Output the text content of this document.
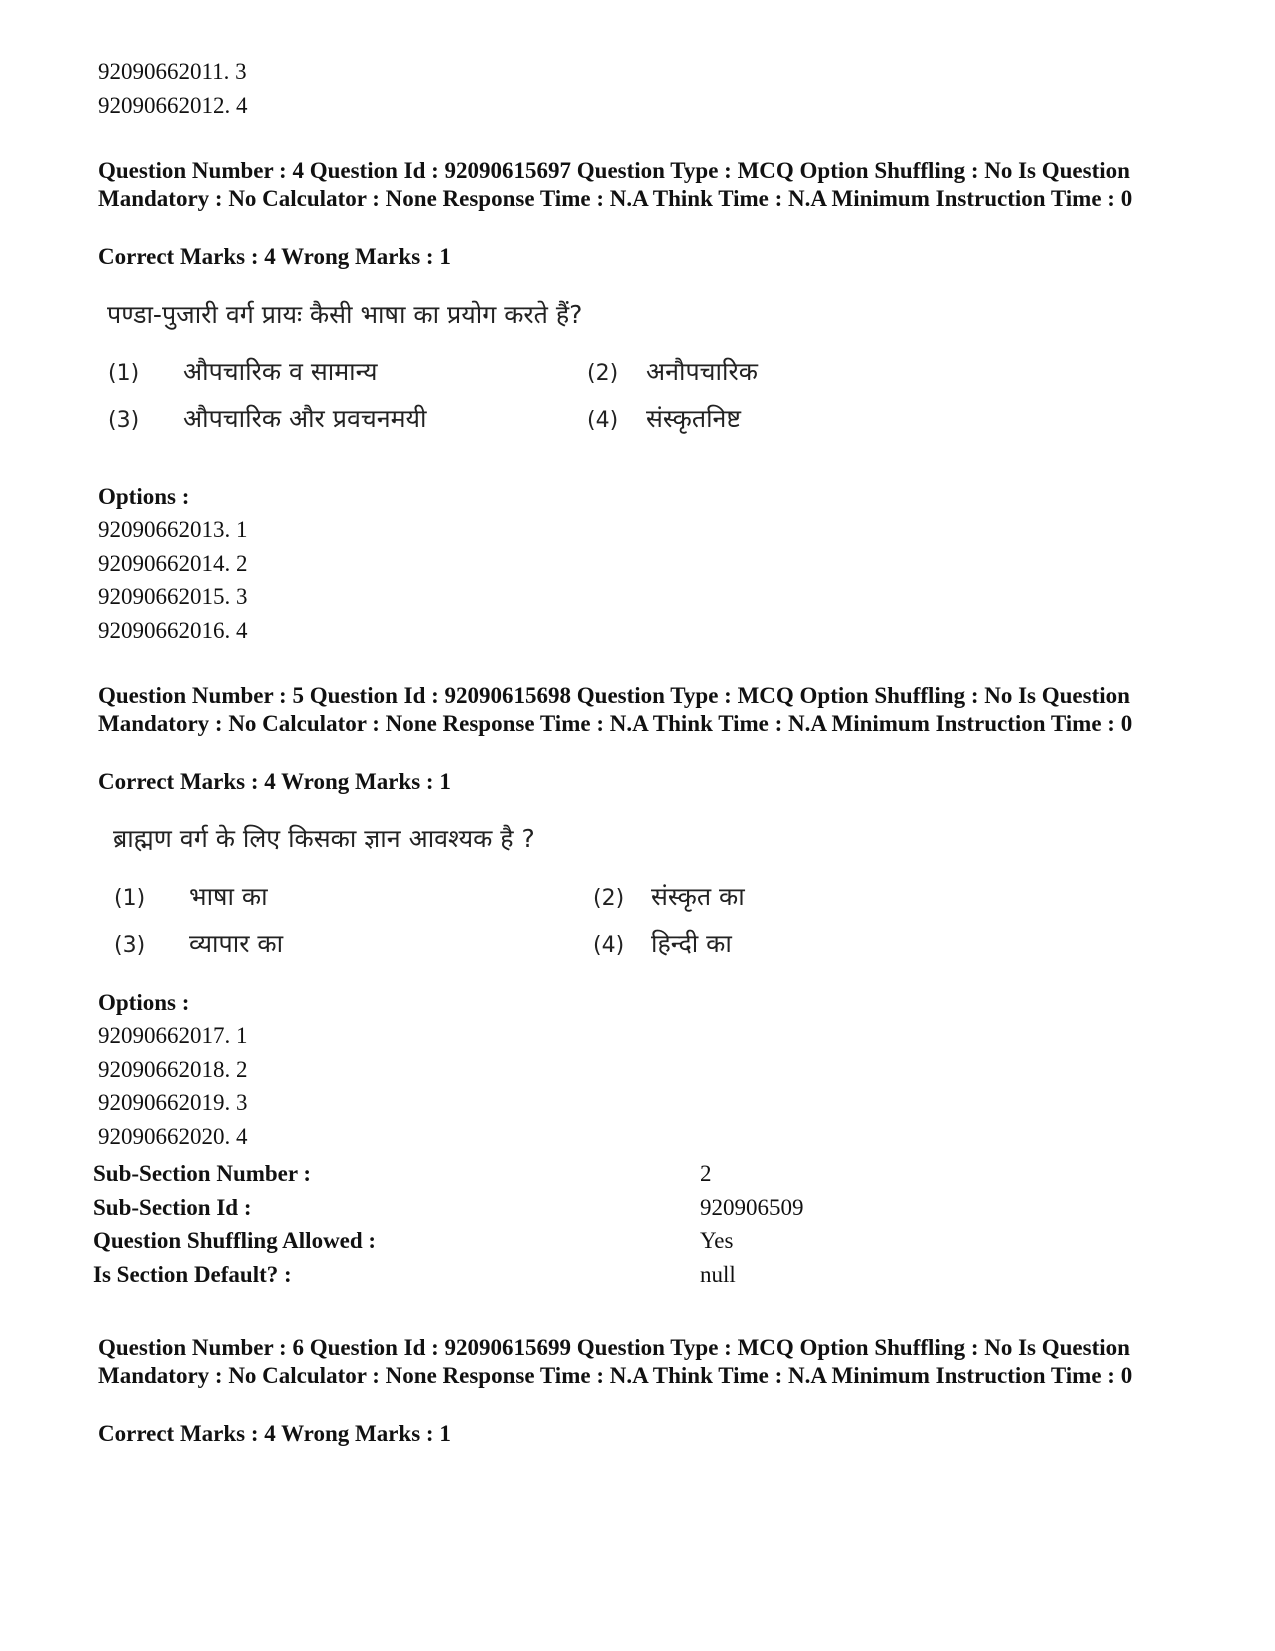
92090662011. 3
92090662012. 4
Question Number : 4 Question Id : 92090615697 Question Type : MCQ Option Shuffling : No Is Question Mandatory : No Calculator : None Response Time : N.A Think Time : N.A Minimum Instruction Time : 0
Correct Marks : 4 Wrong Marks : 1
पण्डा-पुजारी वर्ग प्रायः कैसी भाषा का प्रयोग करते हैं?
(1) औपचारिक व सामान्य	(2) अनौपचारिक
(3) औपचारिक और प्रवचनमयी	(4) संस्कृतनिष्ट
Options :
92090662013. 1
92090662014. 2
92090662015. 3
92090662016. 4
Question Number : 5 Question Id : 92090615698 Question Type : MCQ Option Shuffling : No Is Question Mandatory : No Calculator : None Response Time : N.A Think Time : N.A Minimum Instruction Time : 0
Correct Marks : 4 Wrong Marks : 1
ब्राह्मण वर्ग के लिए किसका ज्ञान आवश्यक है ?
(1) भाषा का	(2) संस्कृत का
(3) व्यापार का	(4) हिन्दी का
Options :
92090662017. 1
92090662018. 2
92090662019. 3
92090662020. 4
Sub-Section Number :	2
Sub-Section Id :	920906509
Question Shuffling Allowed :	Yes
Is Section Default? :	null
Question Number : 6 Question Id : 92090615699 Question Type : MCQ Option Shuffling : No Is Question Mandatory : No Calculator : None Response Time : N.A Think Time : N.A Minimum Instruction Time : 0
Correct Marks : 4 Wrong Marks : 1
